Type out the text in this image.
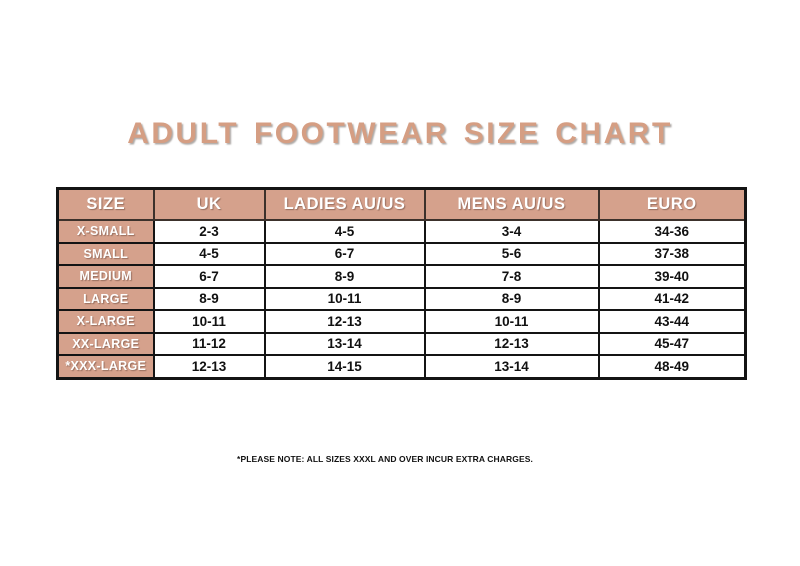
ADULT FOOTWEAR SIZE CHART
SIZE	UK	LADIES AU/US	MENS AU/US	EURO
X-SMALL	2-3	4-5	3-4	34-36
SMALL	4-5	6-7	5-6	37-38
MEDIUM	6-7	8-9	7-8	39-40
LARGE	8-9	10-11	8-9	41-42
X-LARGE	10-11	12-13	10-11	43-44
XX-LARGE	11-12	13-14	12-13	45-47
*XXX-LARGE	12-13	14-15	13-14	48-49
*PLEASE NOTE: ALL SIZES XXXL AND OVER INCUR EXTRA CHARGES.
